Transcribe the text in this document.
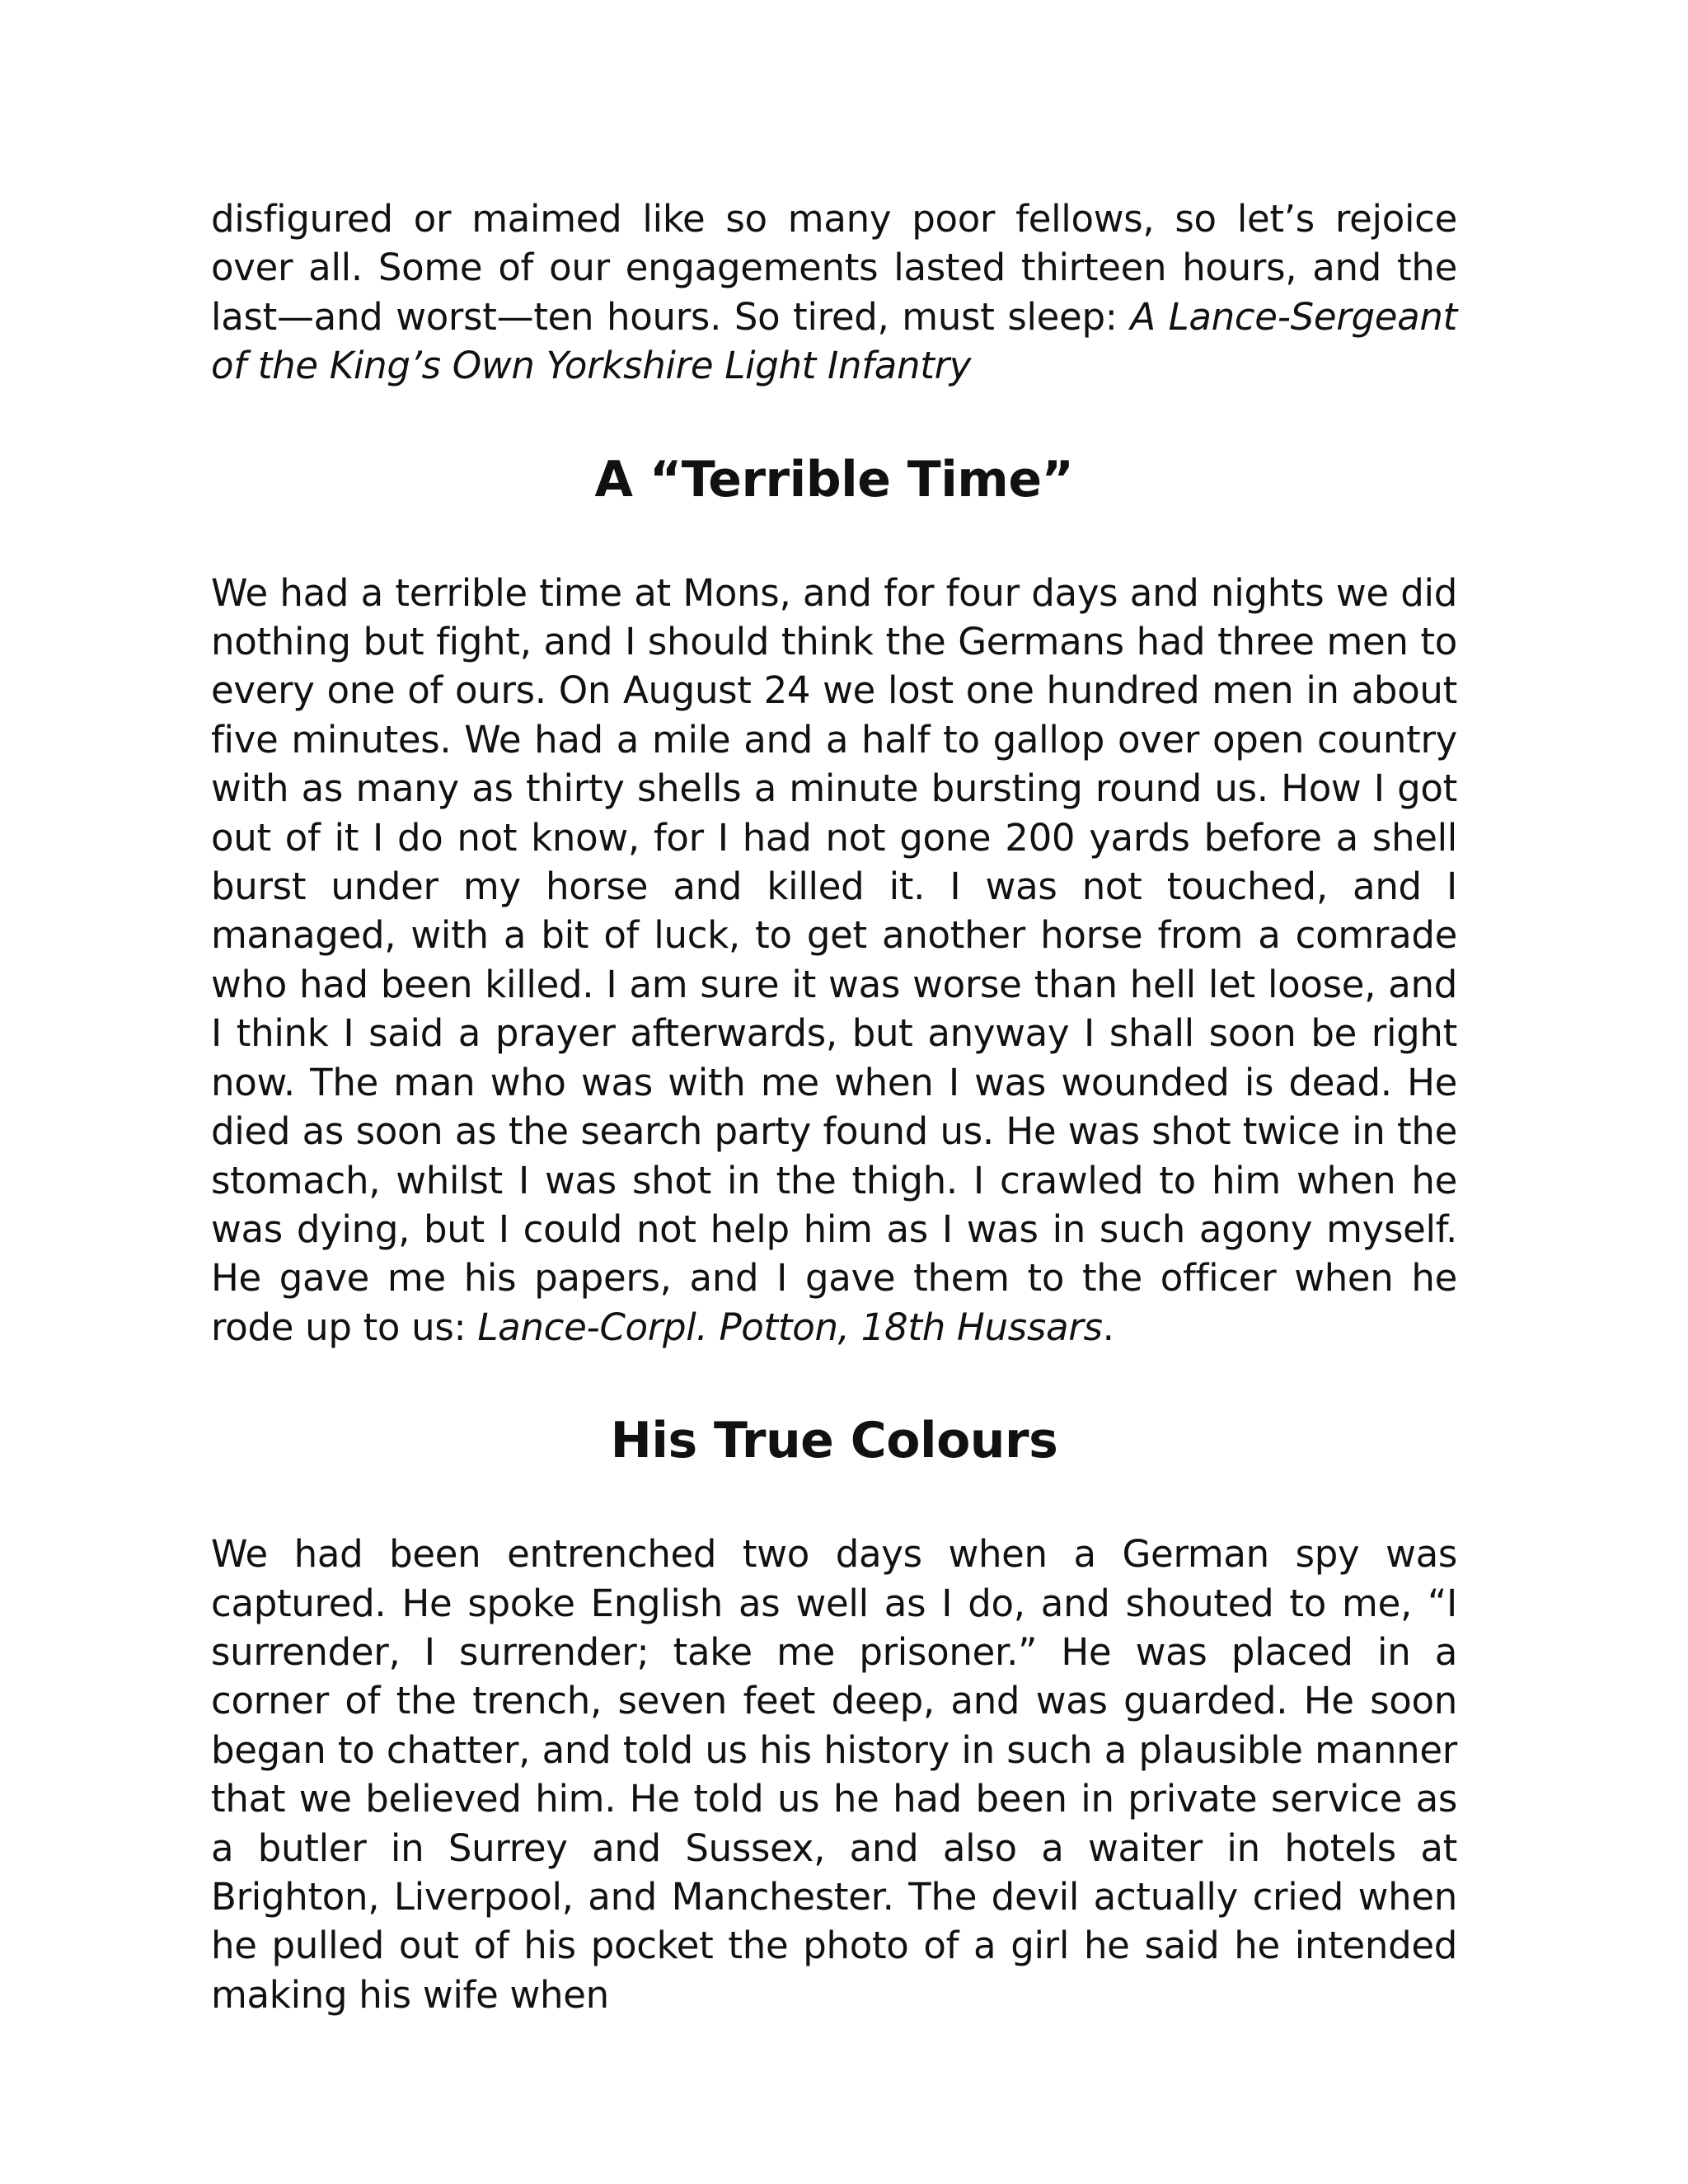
disfigured or maimed like so many poor fellows, so let’s rejoice over all. Some of our engagements lasted thirteen hours, and the last—and worst—ten hours. So tired, must sleep: A Lance-Sergeant of the King’s Own Yorkshire Light Infantry

A “Terrible Time”

We had a terrible time at Mons, and for four days and nights we did nothing but fight, and I should think the Germans had three men to every one of ours. On August 24 we lost one hundred men in about five minutes. We had a mile and a half to gallop over open country with as many as thirty shells a minute bursting round us. How I got out of it I do not know, for I had not gone 200 yards before a shell burst under my horse and killed it. I was not touched, and I managed, with a bit of luck, to get another horse from a comrade who had been killed. I am sure it was worse than hell let loose, and I think I said a prayer afterwards, but anyway I shall soon be right now. The man who was with me when I was wounded is dead. He died as soon as the search party found us. He was shot twice in the stomach, whilst I was shot in the thigh. I crawled to him when he was dying, but I could not help him as I was in such agony myself. He gave me his papers, and I gave them to the officer when he rode up to us: Lance-Corpl. Potton, 18th Hussars.

His True Colours

We had been entrenched two days when a German spy was captured. He spoke English as well as I do, and shouted to me, “I surrender, I surrender; take me prisoner.” He was placed in a corner of the trench, seven feet deep, and was guarded. He soon began to chatter, and told us his history in such a plausible manner that we believed him. He told us he had been in private service as a butler in Surrey and Sussex, and also a waiter in hotels at Brighton, Liverpool, and Manchester. The devil actually cried when he pulled out of his pocket the photo of a girl he said he intended making his wife when
